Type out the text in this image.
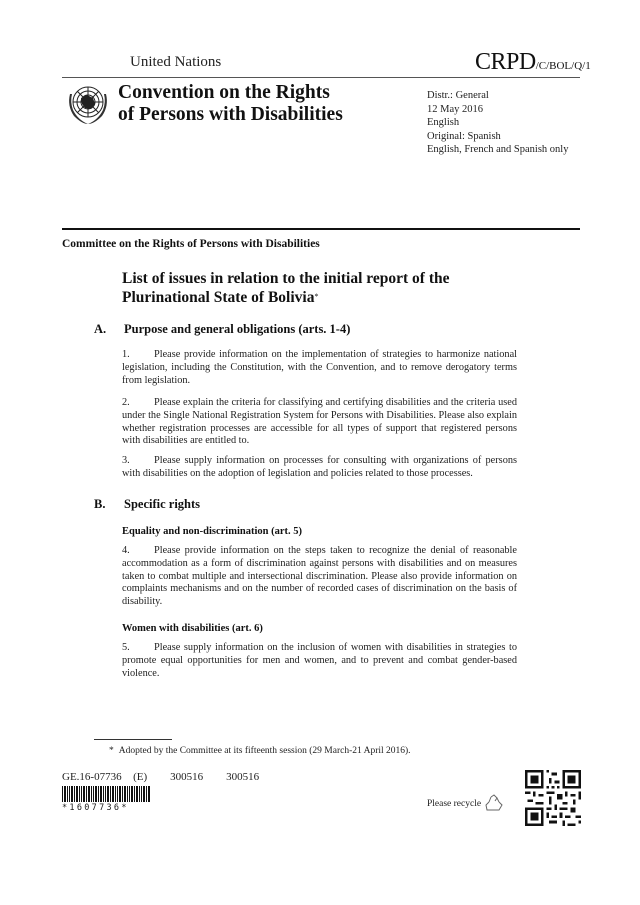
United Nations	CRPD/C/BOL/Q/1
Convention on the Rights
of Persons with Disabilities
Distr.: General
12 May 2016
English
Original: Spanish
English, French and Spanish only
Committee on the Rights of Persons with Disabilities
List of issues in relation to the initial report of the
Plurinational State of Bolivia*
A. Purpose and general obligations (arts. 1-4)
1. Please provide information on the implementation of strategies to harmonize national legislation, including the Constitution, with the Convention, and to remove derogatory terms from legislation.
2. Please explain the criteria for classifying and certifying disabilities and the criteria used under the Single National Registration System for Persons with Disabilities. Please also explain whether registration processes are accessible for all types of support that registered persons with disabilities are entitled to.
3. Please supply information on processes for consulting with organizations of persons with disabilities on the adoption of legislation and policies related to those processes.
B. Specific rights
Equality and non-discrimination (art. 5)
4. Please provide information on the steps taken to recognize the denial of reasonable accommodation as a form of discrimination against persons with disabilities and on measures taken to combat multiple and intersectional discrimination. Please also provide information on complaints mechanisms and on the number of recorded cases of discrimination on the basis of disability.
Women with disabilities (art. 6)
5. Please supply information on the inclusion of women with disabilities in strategies to promote equal opportunities for men and women, and to prevent and combat gender-based violence.
* Adopted by the Committee at its fifteenth session (29 March-21 April 2016).
GE.16-07736  (E)    300516    300516
*1607736*	Please recycle
